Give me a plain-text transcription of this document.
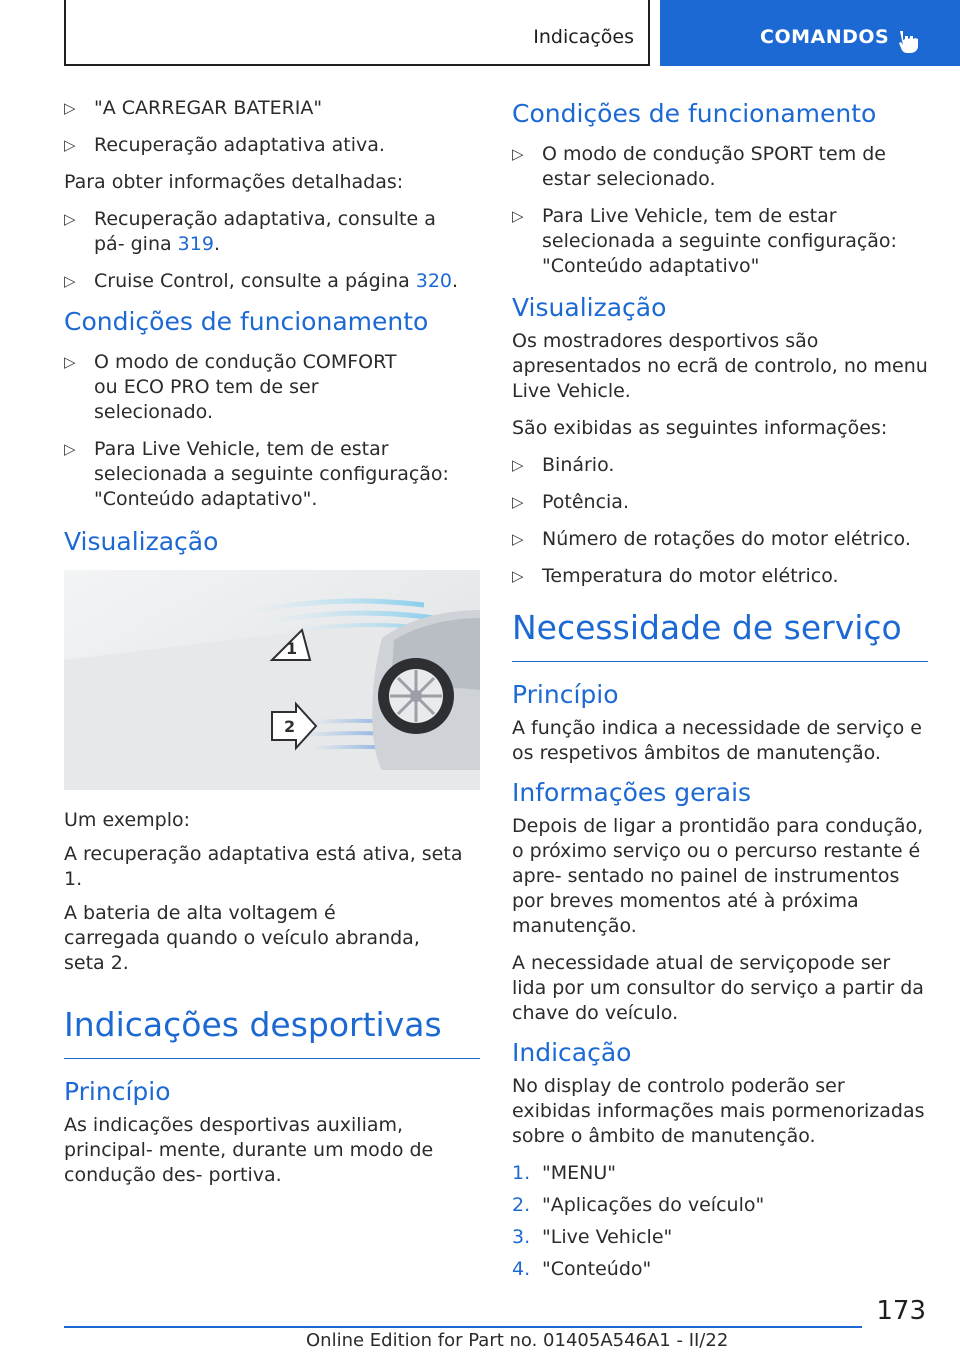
Indicações	COMANDOS
▷ "A CARREGAR BATERIA"
▷ Recuperação adaptativa ativa.

Para obter informações detalhadas:

▷ Recuperação adaptativa, consulte a pá‐ gina 319.
▷ Cruise Control, consulte a página 320.
Condições de funcionamento
▷ O modo de condução COMFORT ou ECO PRO tem de ser selecionado.
▷ Para Live Vehicle, tem de estar selecionada a seguinte configuração: "Conteúdo adaptativo".
Visualização
1
2

Um exemplo:

A recuperação adaptativa está ativa, seta 1.

A bateria de alta voltagem é carregada quando o veículo abranda, seta 2.

Indicações desportivas
Princípio

As indicações desportivas auxiliam, principal‐ mente, durante um modo de condução des‐ portiva.

Condições de funcionamento
▷ O modo de condução SPORT tem de estar selecionado.
▷ Para Live Vehicle, tem de estar selecionada a seguinte configuração: "Conteúdo adaptativo"
Visualização

Os mostradores desportivos são apresentados no ecrã de controlo, no menu Live Vehicle.

São exibidas as seguintes informações:

▷ Binário.
▷ Potência.
▷ Número de rotações do motor elétrico.
▷ Temperatura do motor elétrico.
Necessidade de serviço
Princípio

A função indica a necessidade de serviço e os respetivos âmbitos de manutenção.

Informações gerais

Depois de ligar a prontidão para condução, o próximo serviço ou o percurso restante é apre‐ sentado no painel de instrumentos por breves momentos até à próxima manutenção.

A necessidade atual de serviçopode ser lida por um consultor do serviço a partir da chave do veículo.

Indicação

No display de controlo poderão ser exibidas informações mais pormenorizadas sobre o âmbito de manutenção.

1. "MENU"
2. "Aplicações do veículo"
3. "Live Vehicle"
4. "Conteúdo"
173
Online Edition for Part no. 01405A546A1 - II/22
